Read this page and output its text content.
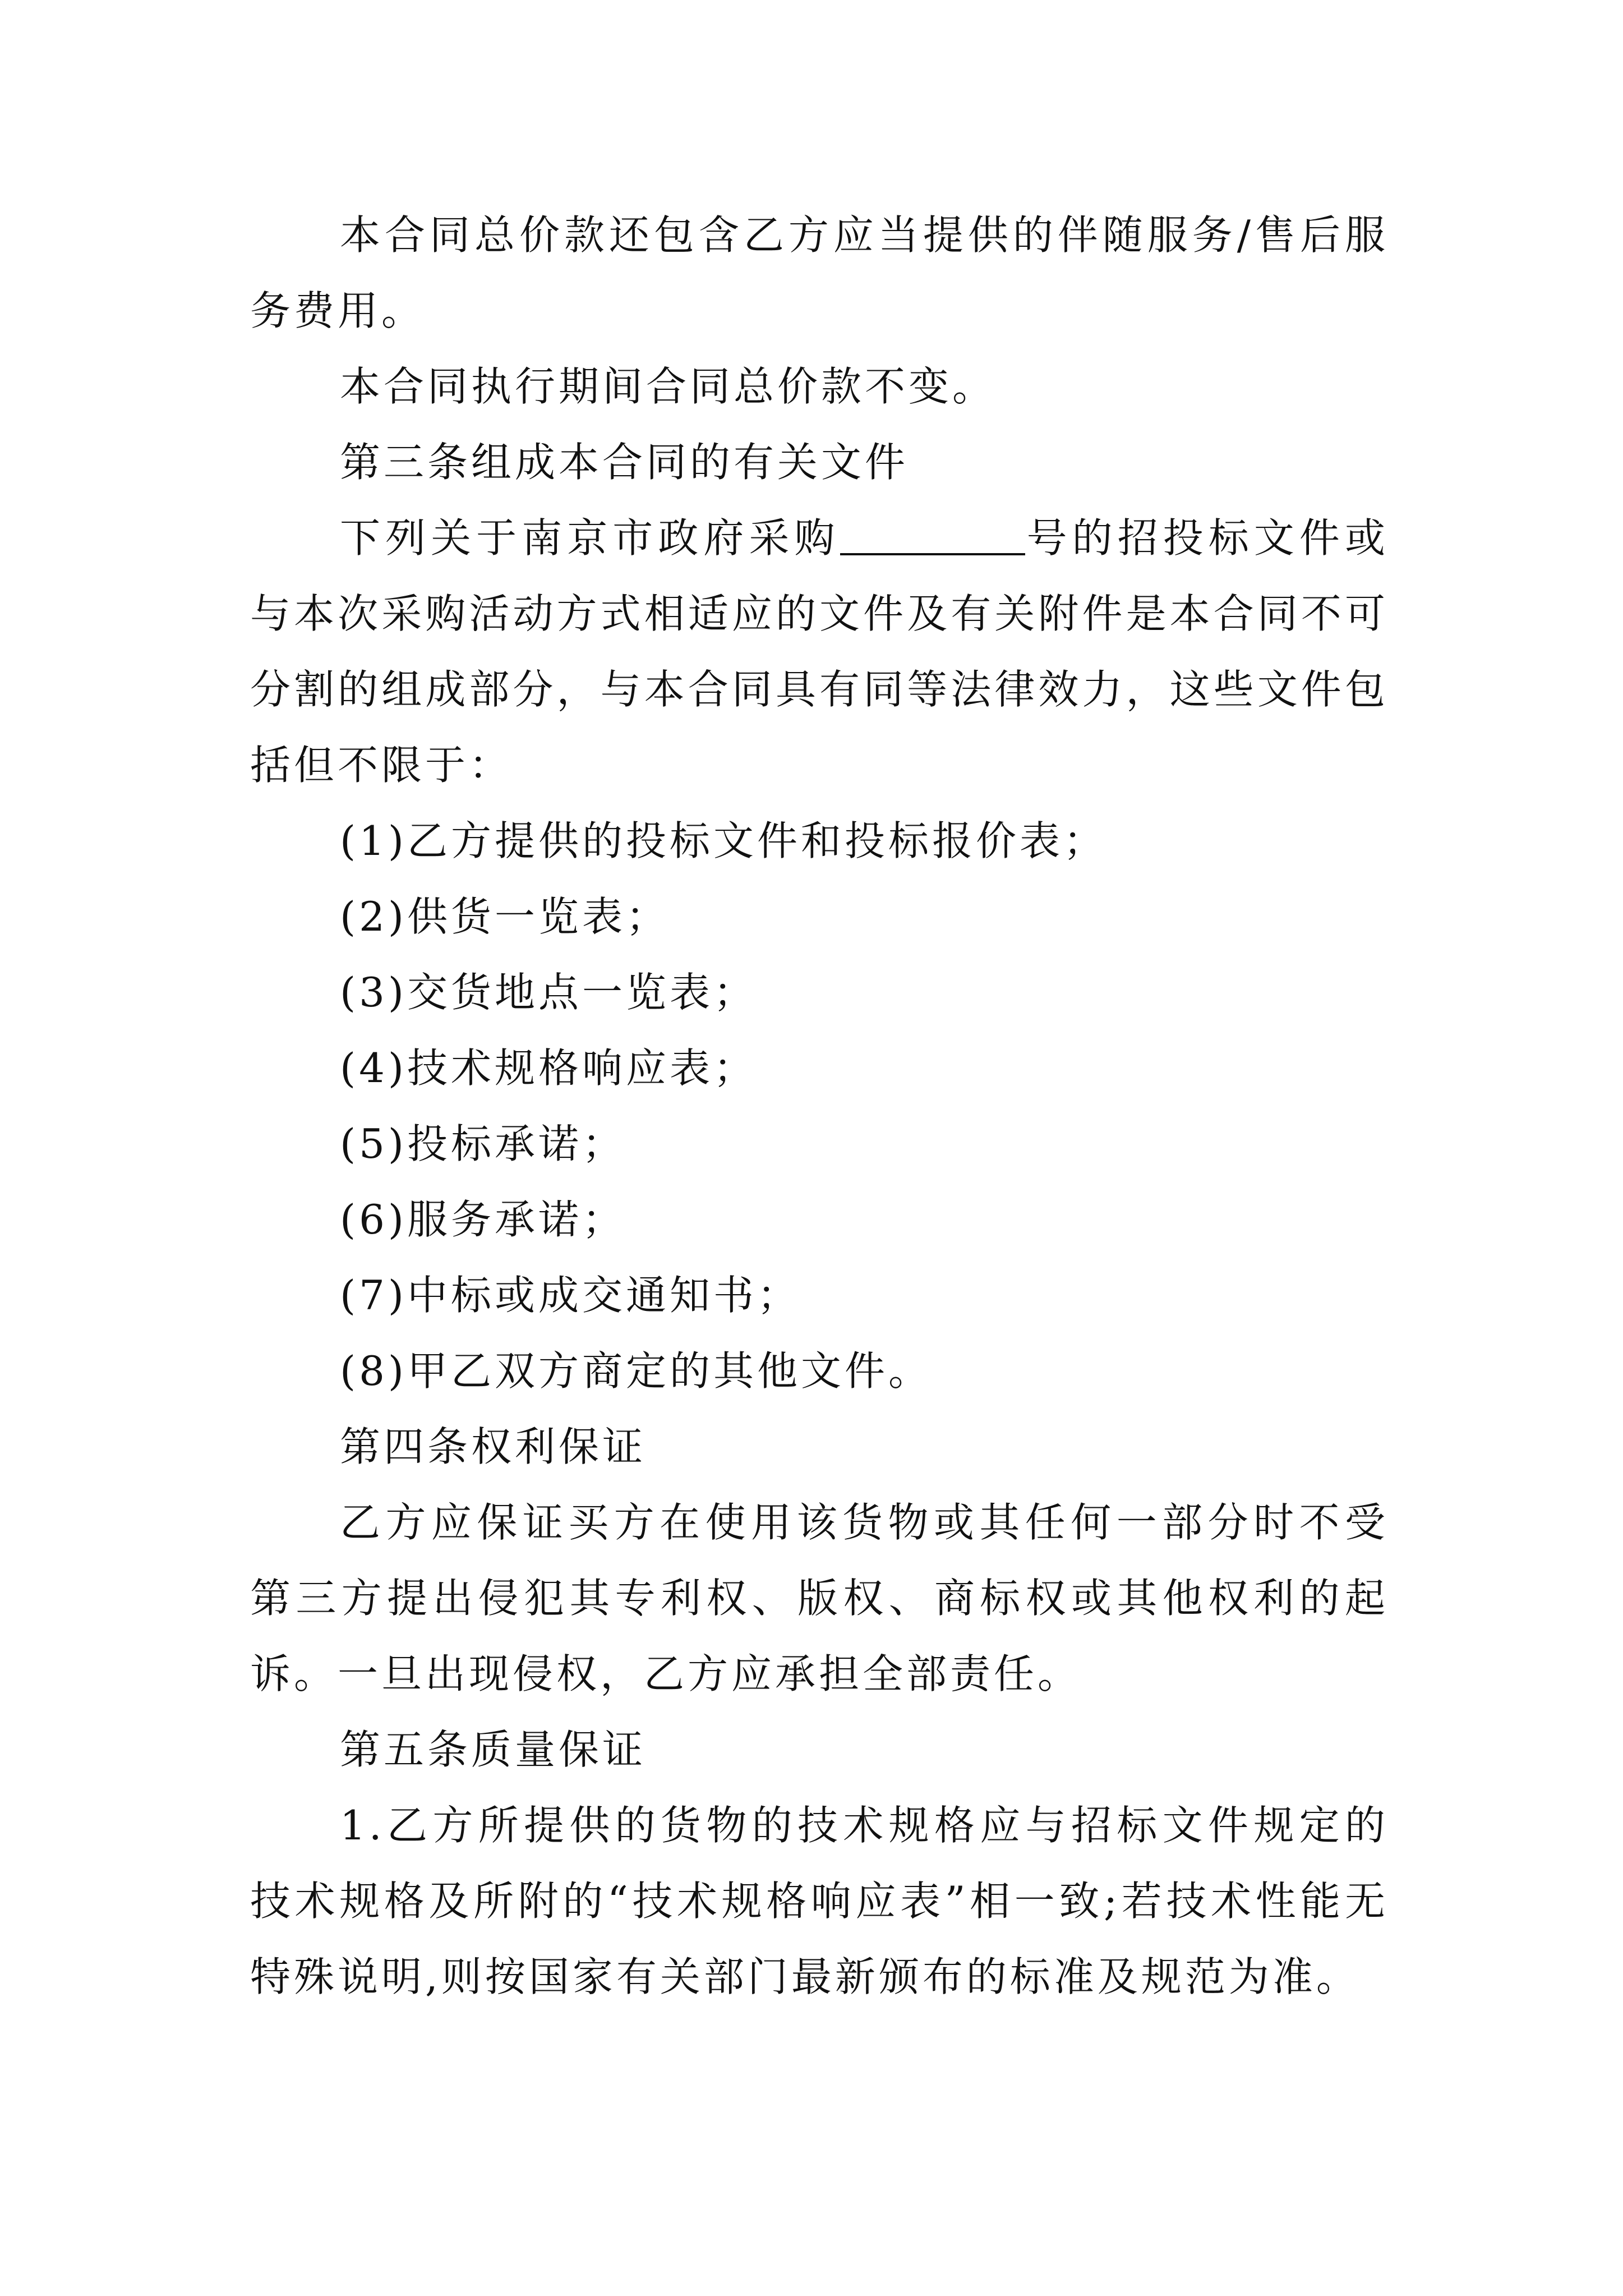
本合同总价款还包含乙方应当提供的伴随服务/售后服务费用。

本合同执行期间合同总价款不变。

第三条组成本合同的有关文件

下列关于南京市政府采购	号的招投标文件或与本次采购活动方式相适应的文件及有关附件是本合同不可分割的组成部分，与本合同具有同等法律效力，这些文件包括但不限于：

(1)乙方提供的投标文件和投标报价表；

(2)供货一览表；

(3)交货地点一览表；

(4)技术规格响应表；

(5)投标承诺；

(6)服务承诺；

(7)中标或成交通知书；

(8)甲乙双方商定的其他文件。

第四条权利保证

乙方应保证买方在使用该货物或其任何一部分时不受第三方提出侵犯其专利权、版权、商标权或其他权利的起诉。一旦出现侵权，乙方应承担全部责任。

第五条质量保证

1.乙方所提供的货物的技术规格应与招标文件规定的技术规格及所附的“技术规格响应表”相一致;若技术性能无特殊说明,则按国家有关部门最新颁布的标准及规范为准。
